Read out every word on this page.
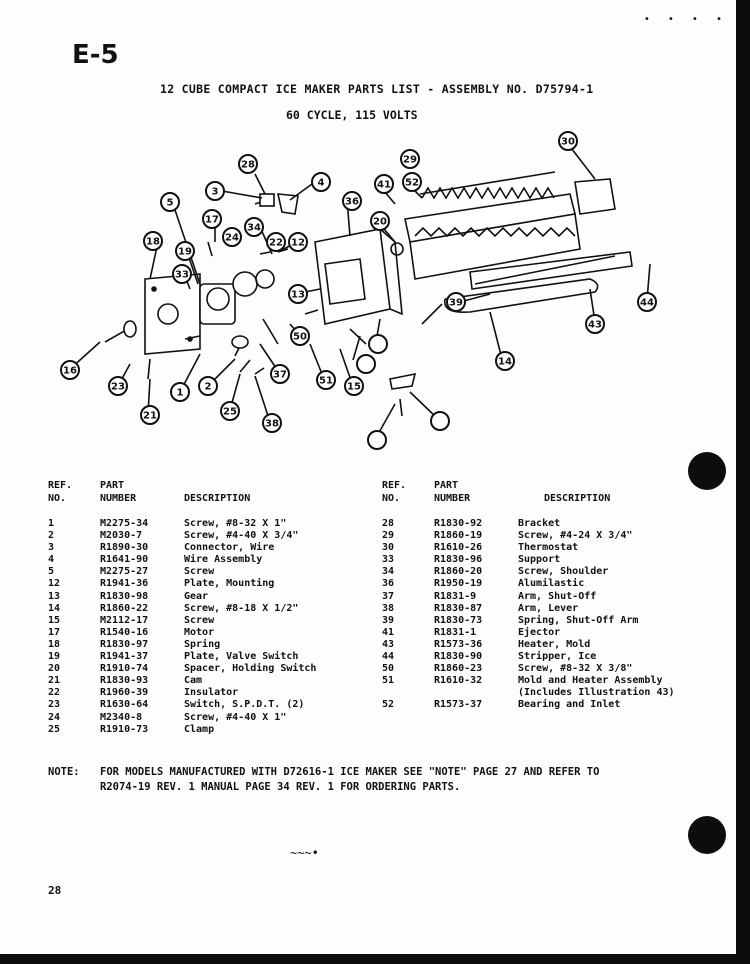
• • • •
E-5
12 CUBE COMPACT ICE MAKER PARTS LIST - ASSEMBLY NO. D75794-1
60 CYCLE, 115 VOLTS
1
2
3
4
5
12
13
14
15
16
17
18
19
20
21
22
23
24
25
28	29
30
33
34
36
37
38
39
41
43
44
50
51
52
REF.	PART	
NO.	NUMBER	DESCRIPTION
1	M2275-34	Screw, #8-32 X 1"
2	M2030-7	Screw, #4-40 X 3/4"
3	R1890-30	Connector, Wire
4	R1641-90	Wire Assembly
5	M2275-27	Screw
12	R1941-36	Plate, Mounting
13	R1830-98	Gear
14	R1860-22	Screw, #8-18 X 1/2"
15	M2112-17	Screw
17	R1540-16	Motor
18	R1830-97	Spring
19	R1941-37	Plate, Valve Switch
20	R1910-74	Spacer, Holding Switch
21	R1830-93	Cam
22	R1960-39	Insulator
23	R1630-64	Switch, S.P.D.T. (2)
24	M2340-8	Screw, #4-40 X 1"
25	R1910-73	Clamp
REF.	PART	
NO.	NUMBER	DESCRIPTION
28	R1830-92	Bracket
29	R1860-19	Screw, #4-24 X 3/4"
30	R1610-26	Thermostat
33	R1830-96	Support
34	R1860-20	Screw, Shoulder
36	R1950-19	Alumilastic
37	R1831-9	Arm, Shut-Off
38	R1830-87	Arm, Lever
39	R1830-73	Spring, Shut-Off Arm
41	R1831-1	Ejector
43	R1573-36	Heater, Mold
44	R1830-90	Stripper, Ice
50	R1860-23	Screw, #8-32 X 3/8"
51	R1610-32	Mold and Heater Assembly
		(Includes Illustration 43)
52	R1573-37	Bearing and Inlet
NOTE: FOR MODELS MANUFACTURED WITH D72616-1 ICE MAKER SEE "NOTE" PAGE 27 AND REFER TO
R2074-19 REV. 1 MANUAL PAGE 34 REV. 1 FOR ORDERING PARTS.
~~~•
28
